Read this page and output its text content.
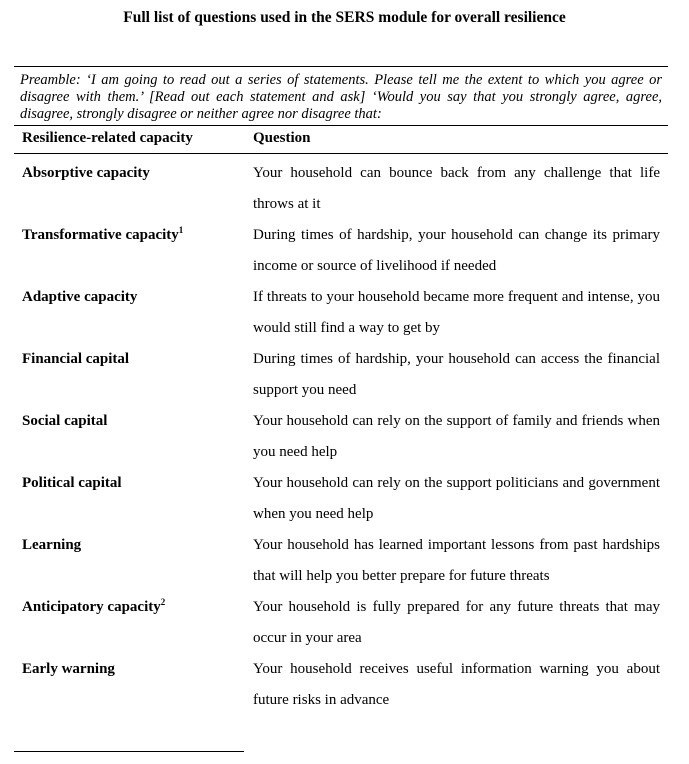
Full list of questions used in the SERS module for overall resilience
Preamble: ‘I am going to read out a series of statements. Please tell me the extent to which you agree or disagree with them.’ [Read out each statement and ask] ‘Would you say that you strongly agree, agree, disagree, strongly disagree or neither agree nor disagree that:
Resilience-related capacity	Question
Absorptive capacity	Your household can bounce back from any challenge that life throws at it
Transformative capacity$^1$	During times of hardship, your household can change its primary income or source of livelihood if needed
Adaptive capacity	If threats to your household became more frequent and intense, you would still find a way to get by
Financial capital	During times of hardship, your household can access the financial support you need
Social capital	Your household can rely on the support of family and friends when you need help
Political capital	Your household can rely on the support politicians and government when you need help
Learning	Your household has learned important lessons from past hardships that will help you better prepare for future threats
Anticipatory capacity$^2$	Your household is fully prepared for any future threats that may occur in your area
Early warning	Your household receives useful information warning you about future risks in advance
